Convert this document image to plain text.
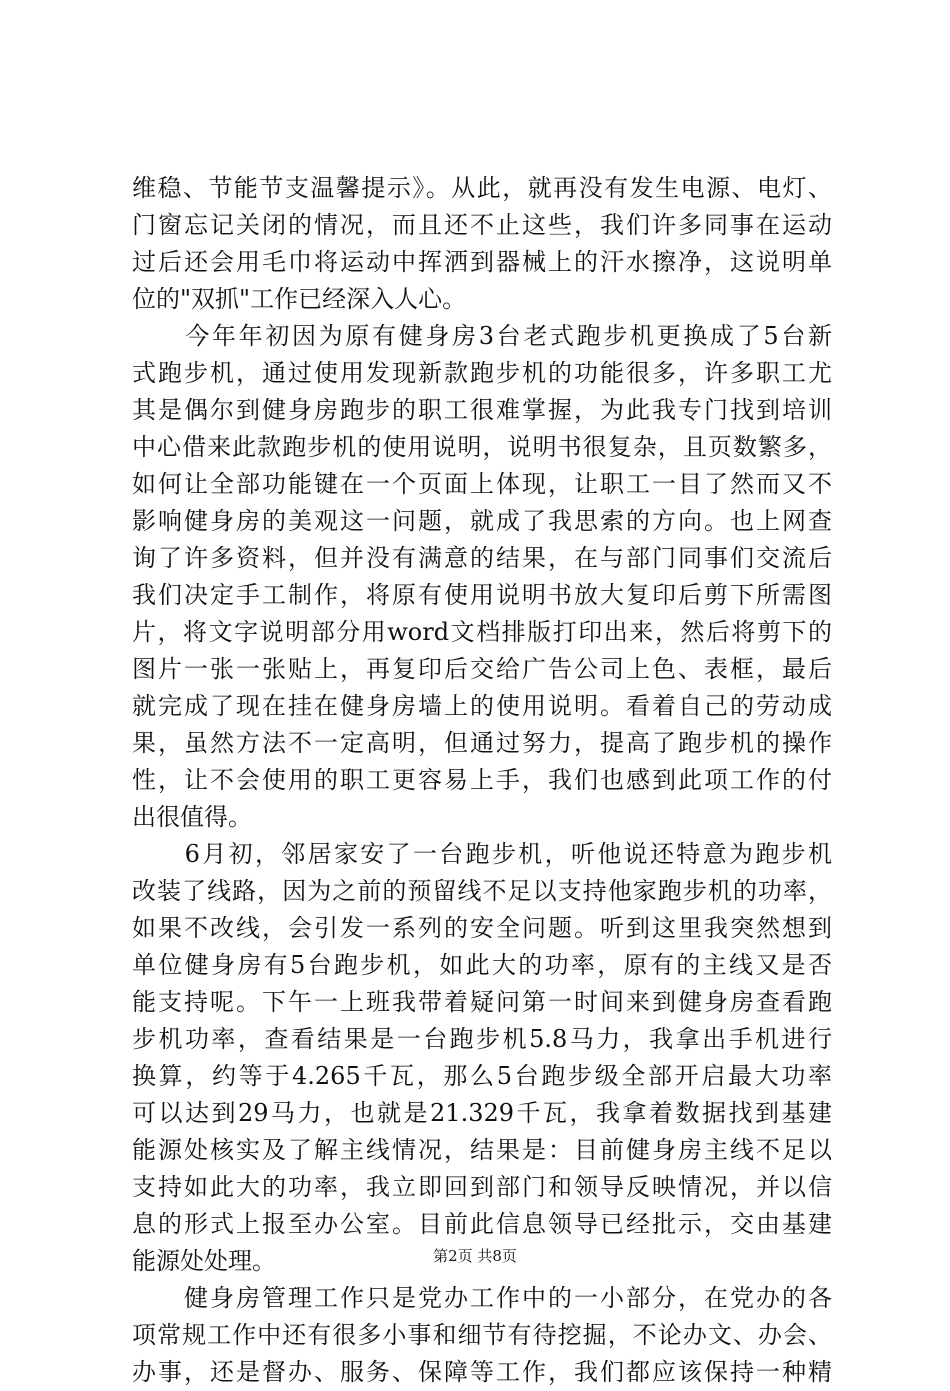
维稳、节能节支温馨提示》。从此，就再没有发生电源、电灯、
门窗忘记关闭的情况，而且还不止这些，我们许多同事在运动
过后还会用毛巾将运动中挥洒到器械上的汗水擦净，这说明单
位的"双抓"工作已经深入人心。
　　今年年初因为原有健身房3台老式跑步机更换成了5台新
式跑步机，通过使用发现新款跑步机的功能很多，许多职工尤
其是偶尔到健身房跑步的职工很难掌握，为此我专门找到培训
中心借来此款跑步机的使用说明，说明书很复杂，且页数繁多，
如何让全部功能键在一个页面上体现，让职工一目了然而又不
影响健身房的美观这一问题，就成了我思索的方向。也上网查
询了许多资料，但并没有满意的结果，在与部门同事们交流后
我们决定手工制作，将原有使用说明书放大复印后剪下所需图
片，将文字说明部分用word文档排版打印出来，然后将剪下的
图片一张一张贴上，再复印后交给广告公司上色、表框，最后
就完成了现在挂在健身房墙上的使用说明。看着自己的劳动成
果，虽然方法不一定高明，但通过努力，提高了跑步机的操作
性，让不会使用的职工更容易上手，我们也感到此项工作的付
出很值得。
　　6月初，邻居家安了一台跑步机，听他说还特意为跑步机
改装了线路，因为之前的预留线不足以支持他家跑步机的功率，
如果不改线，会引发一系列的安全问题。听到这里我突然想到
单位健身房有5台跑步机，如此大的功率，原有的主线又是否
能支持呢。下午一上班我带着疑问第一时间来到健身房查看跑
步机功率，查看结果是一台跑步机5.8马力，我拿出手机进行
换算，约等于4.265千瓦，那么5台跑步级全部开启最大功率
可以达到29马力，也就是21.329千瓦，我拿着数据找到基建
能源处核实及了解主线情况，结果是：目前健身房主线不足以
支持如此大的功率，我立即回到部门和领导反映情况，并以信
息的形式上报至办公室。目前此信息领导已经批示，交由基建
能源处处理。
　　健身房管理工作只是党办工作中的一小部分，在党办的各
项常规工作中还有很多小事和细节有待挖掘，不论办文、办会、
办事，还是督办、服务、保障等工作，我们都应该保持一种精
第2页 共8页
